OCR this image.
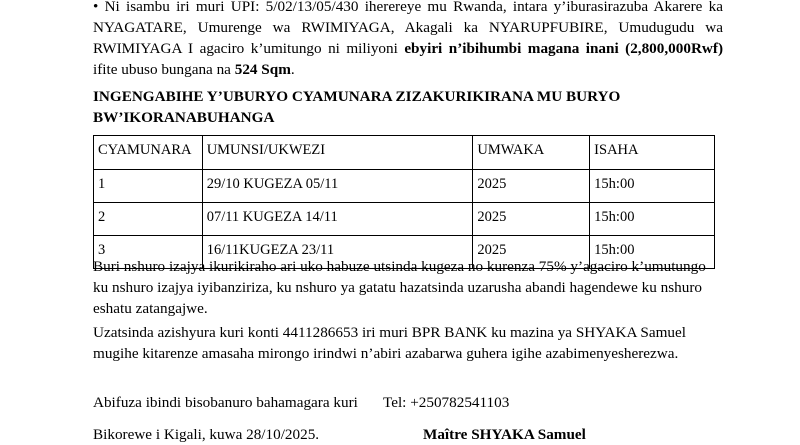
• Ni isambu iri muri UPI: 5/02/13/05/430 iherereye mu Rwanda, intara y’iburasirazuba Akarere ka NYAGATARE, Umurenge wa RWIMIYAGA, Akagali ka NYARUPFUBIRE, Umudugudu wa RWIMIYAGA I agaciro k’umitungo ni miliyoni ebyiri n’ibihumbi magana inani (2,800,000Rwf) ifite ubuso bungana na 524 Sqm.
INGENGABIHE Y’UBURYO CYAMUNARA ZIZAKURIKIRANA MU BURYO BW’IKORANABUHANGA
CYAMUNARA	UMUNSI/UKWEZI	UMWAKA	ISAHA
1	29/10 KUGEZA 05/11	2025	15h:00
2	07/11 KUGEZA 14/11	2025	15h:00
3	16/11KUGEZA 23/11	2025	15h:00
Buri nshuro izajya ikurikiraho ari uko habuze utsinda kugeza no kurenza 75% y’agaciro k’umutungo ku nshuro izajya iyibanziriza, ku nshuro ya gatatu hazatsinda uzarusha abandi hagendewe ku nshuro eshatu zatangajwe.
Uzatsinda azishyura kuri konti 4411286653 iri muri BPR BANK ku mazina ya SHYAKA Samuel mugihe kitarenze amasaha mirongo irindwi n’abiri azabarwa guhera igihe azabimenyesherezwa.
Abifuza ibindi bisobanuro bahamagara kuri Tel: +250782541103
Bikorewe i Kigali, kuwa 28/10/2025.	Maître SHYAKA Samuel
